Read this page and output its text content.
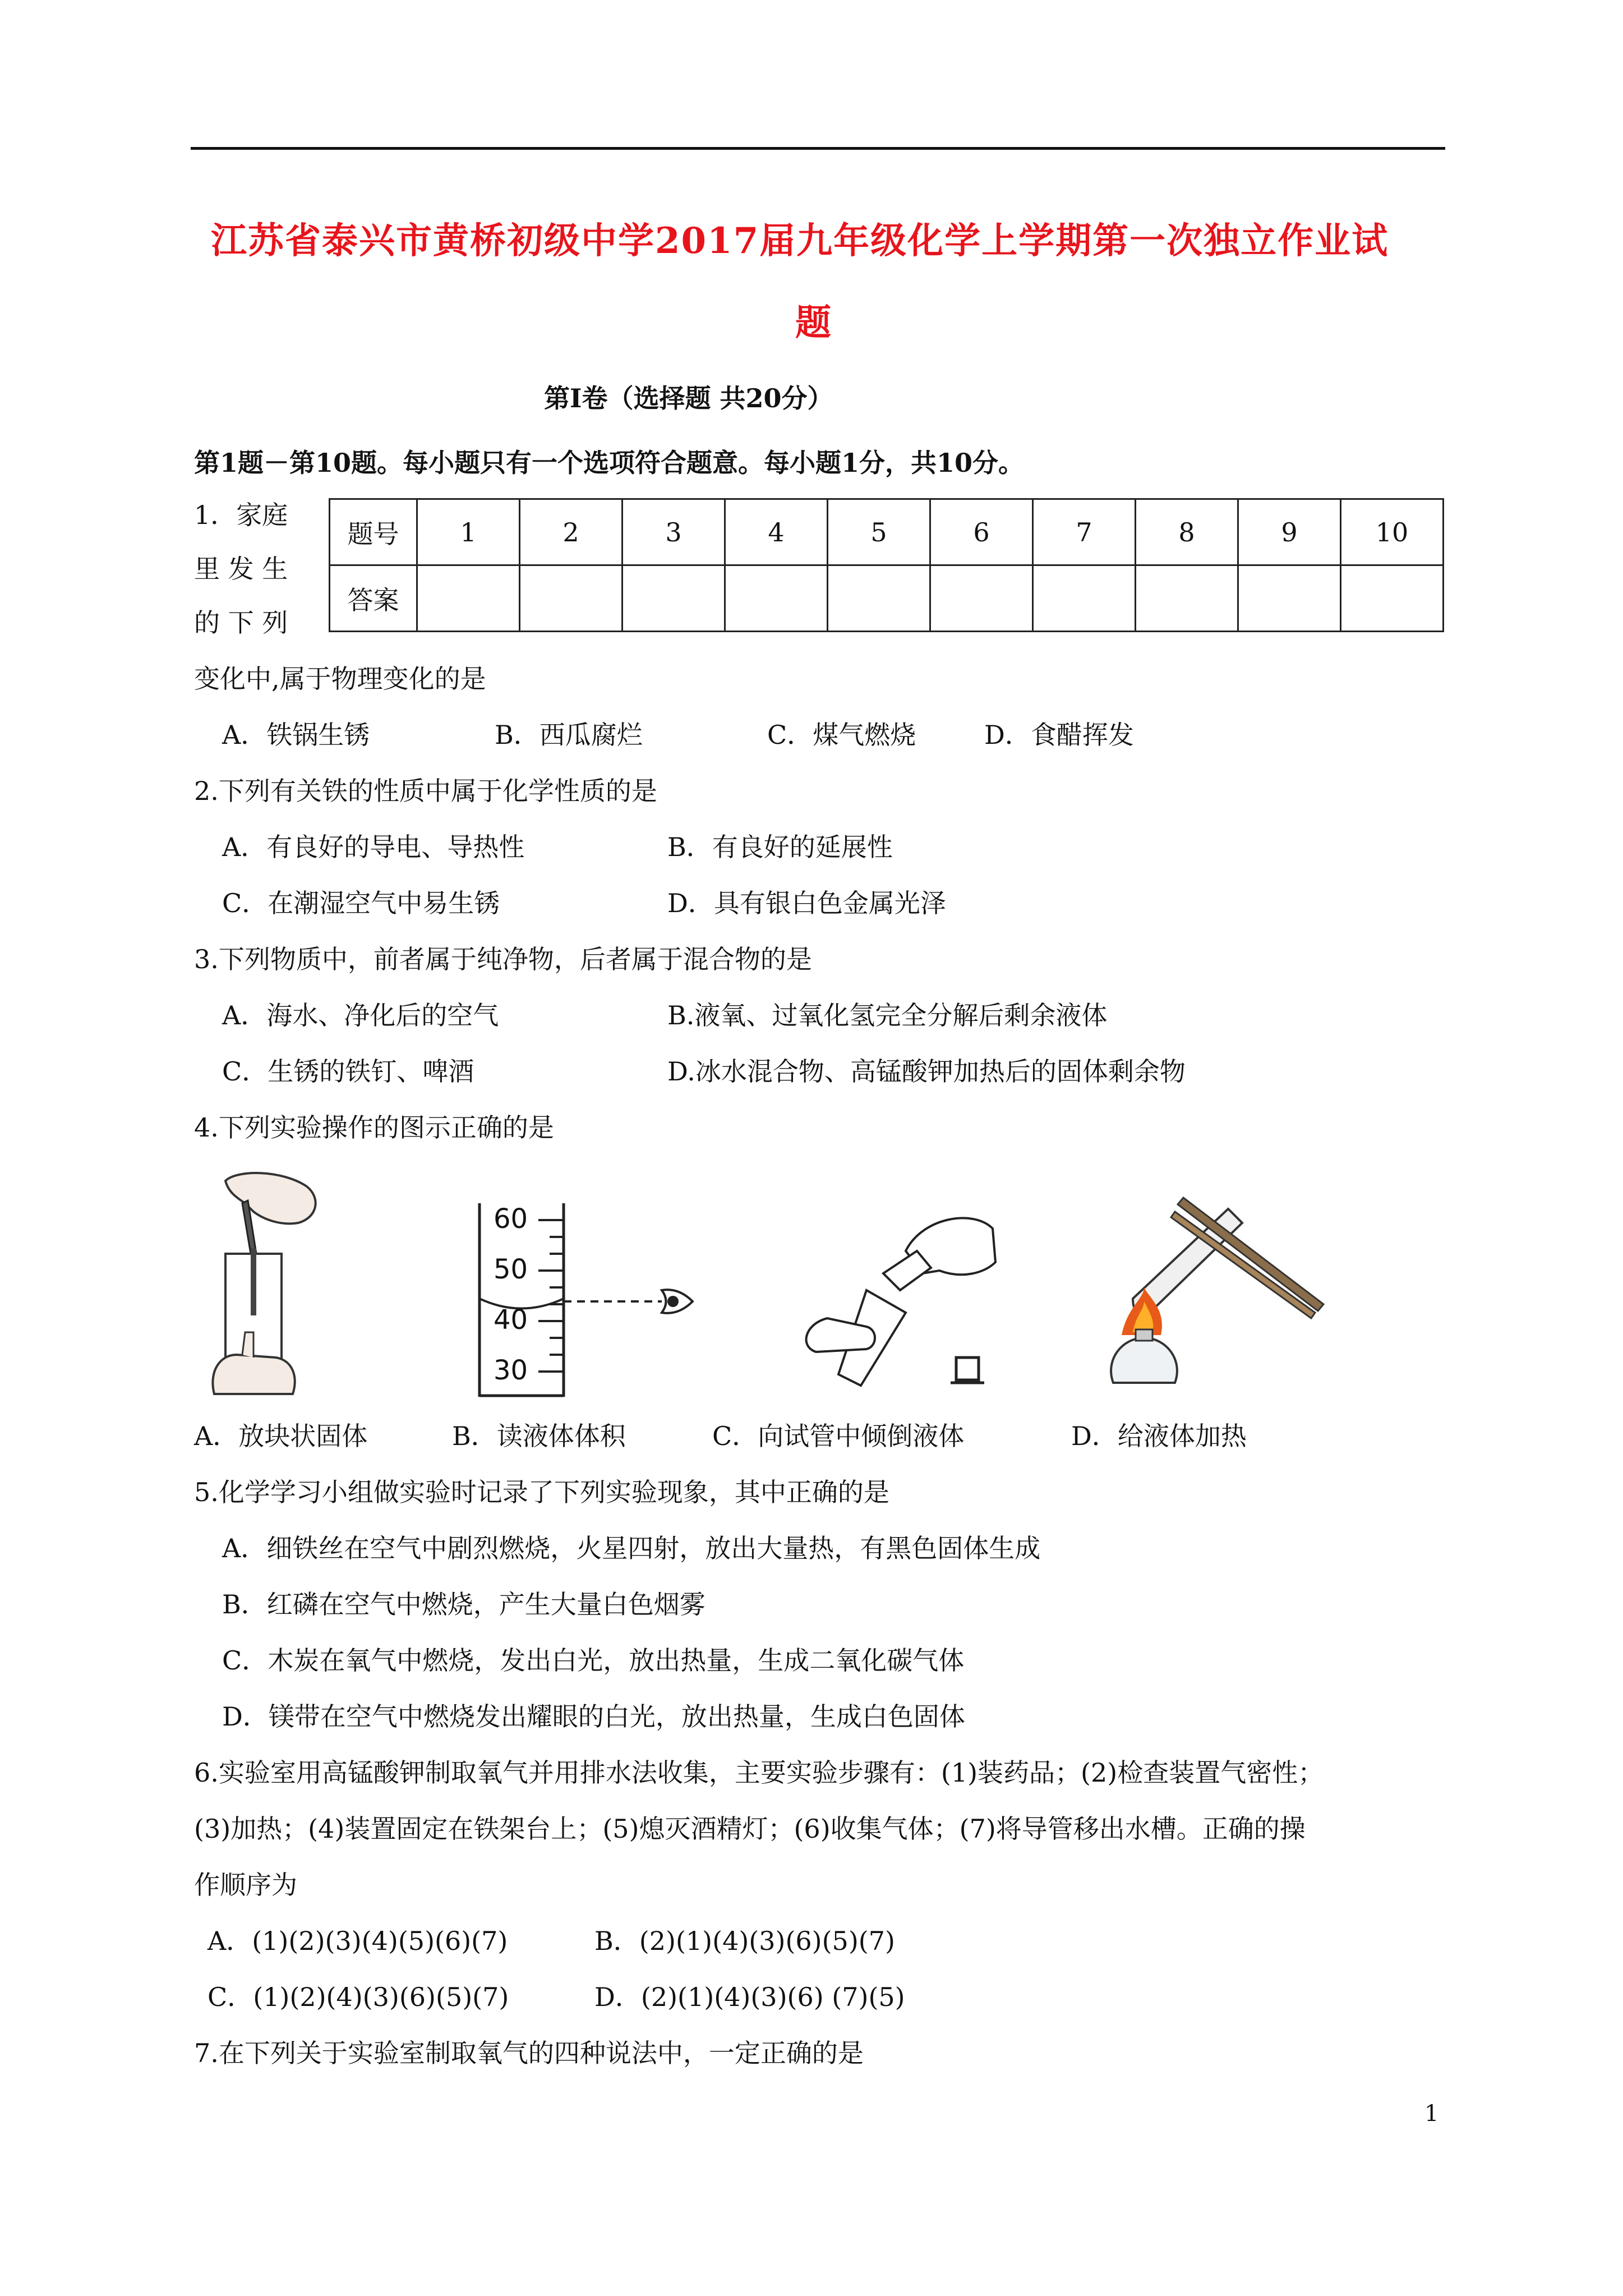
江苏省泰兴市黄桥初级中学2017届九年级化学上学期第一次独立作业试
题
第Ⅰ卷（选择题 共20分）
第1题－第10题。每小题只有一个选项符合题意。每小题1分，共10分。
1．家庭
里 发 生
的 下 列
题号	1	2	3	4	5	6	7	8	9	10
答案										
变化中,属于物理变化的是
A．铁锅生锈	B．西瓜腐烂	C．煤气燃烧	D．食醋挥发
2.下列有关铁的性质中属于化学性质的是
A．有良好的导电、导热性	B．有良好的延展性
C．在潮湿空气中易生锈	D．具有银白色金属光泽
3.下列物质中，前者属于纯净物，后者属于混合物的是
A．海水、净化后的空气	B.液氧、过氧化氢完全分解后剩余液体
C．生锈的铁钉、啤酒	D.冰水混合物、高锰酸钾加热后的固体剩余物
4.下列实验操作的图示正确的是
60
50
40
30
A．放块状固体	B．读液体体积	C．向试管中倾倒液体	D．给液体加热
5.化学学习小组做实验时记录了下列实验现象，其中正确的是
A．细铁丝在空气中剧烈燃烧，火星四射，放出大量热，有黑色固体生成
B．红磷在空气中燃烧，产生大量白色烟雾
C．木炭在氧气中燃烧，发出白光，放出热量，生成二氧化碳气体
D．镁带在空气中燃烧发出耀眼的白光，放出热量，生成白色固体
6.实验室用高锰酸钾制取氧气并用排水法收集，主要实验步骤有：(1)装药品；(2)检查装置气密性；
(3)加热；(4)装置固定在铁架台上；(5)熄灭酒精灯；(6)收集气体；(7)将导管移出水槽。正确的操
作顺序为
A．(1)(2)(3)(4)(5)(6)(7)	B．(2)(1)(4)(3)(6)(5)(7)
C．(1)(2)(4)(3)(6)(5)(7)	D．(2)(1)(4)(3)(6) (7)(5)
7.在下列关于实验室制取氧气的四种说法中，一定正确的是
1
